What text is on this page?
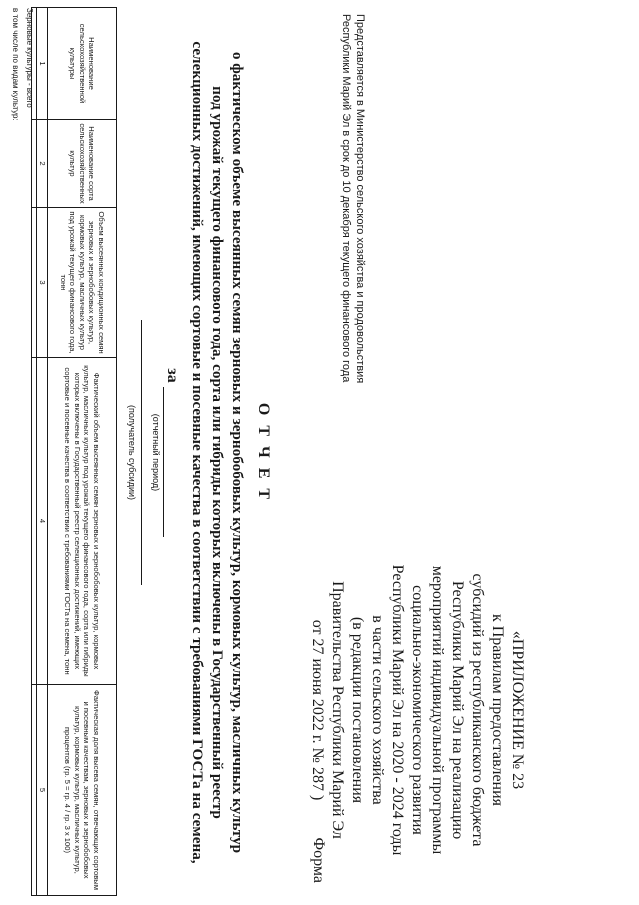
«ПРИЛОЖЕНИЕ № 23
к Правилам предоставления
субсидий из республиканского бюджета
Республики Марий Эл на реализацию
мероприятий индивидуальной программы
социально-экономического развития
Республики Марий Эл на 2020 - 2024 годы
в части сельского хозяйства
(в редакции постановления
Правительства Республики Марий Эл
от 27 июня 2022 г. № 287 )
Форма
Представляется в Министерство сельского хозяйства и продовольствия
Республики Марий Эл в срок до 10 декабря текущего финансового года
О Т Ч Е Т
о фактическом объеме высеянных семян зерновых и зернобобовых культур, кормовых культур, масличных культур
под урожай текущего финансового года, сорта или гибриды которых включены в Государственный реестр
селекционных достижений, имеющих сортовые и посевные качества в соответствии с требованиями ГОСТа на семена,
за
(отчетный период)
(получатель субсидии)
Наименование сельскохозяйственной культуры	Наименование сорта сельскохозяйственных культур	Объем высеянных кондиционных семян зерновых и зернобобовых культур, кормовых культур, масличных культур под урожай текущего финансового года, тонн	Фактический объем высеянных семян зерновых и зернобобовых культур, кормовых культур, масличных культур под урожай текущего финансового года, сорта или гибриды которых включены в Государственный реестр селекционных достижений, имеющих сортовые и посевные качества в соответствии с требованиями ГОСТа на семена, тонн	Фактическая доля высева семян, отвечающих сортовым и посевным качествам, зерновых и зернобобовых культур, кормовых культур, масличных культур, процентов (гр. 5 = гр. 4 / гр. 3 х 100)
1	2	3	4	5

Зерновые культуры - всего
в том числе по видам культур:
